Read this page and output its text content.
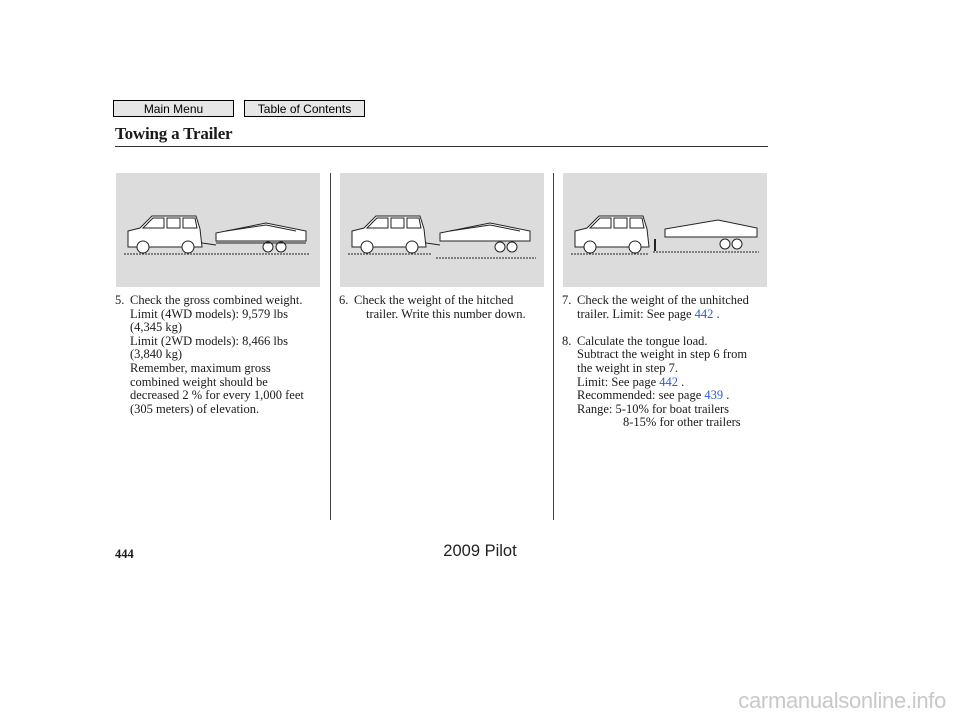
Main Menu	Table of Contents
Towing a Trailer
5. Check the gross combined weight.
Limit (4WD models): 9,579 lbs
(4,345 kg)
Limit (2WD models): 8,466 lbs
(3,840 kg)
Remember, maximum gross
combined weight should be
decreased 2 % for every 1,000 feet
(305 meters) of elevation.
6. Check the weight of the hitched
trailer. Write this number down.
7. Check the weight of the unhitched
trailer. Limit: See page 442 .
8. Calculate the tongue load.
Subtract the weight in step 6 from
the weight in step 7.
Limit: See page 442 .
Recommended: see page 439 .
Range: 5-10% for boat trailers
8-15% for other trailers
444	2009 Pilot
carmanualsonline.info
